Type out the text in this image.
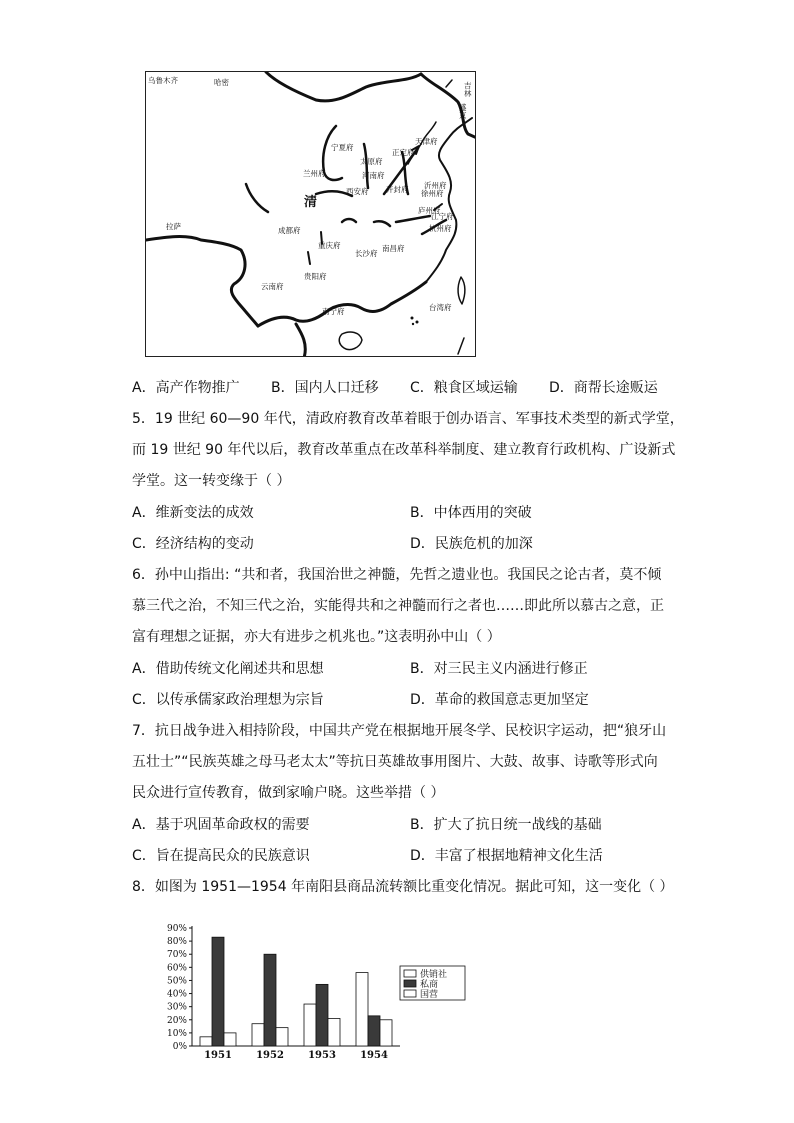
乌鲁木齐	哈密	吉林
盛京
宁夏府
太原府
正定府
天津府
兰州府	河南府
西安府 开封府 沂州府
徐州府
清
庐州府
江宁府
杭州府
拉萨	成都府
重庆府
长沙府
南昌府
贵阳府
云南府
南宁府	台湾府
A．高产作物推广 B．国内人口迁移 C．粮食区域运输 D．商帮长途贩运
5．19 世纪 60—90 年代，清政府教育改革着眼于创办语言、军事技术类型的新式学堂，
而 19 世纪 90 年代以后，教育改革重点在改革科举制度、建立教育行政机构、广设新式
学堂。这一转变缘于（ ）
A．维新变法的成效	B．中体西用的突破
C．经济结构的变动	D．民族危机的加深
6．孙中山指出: “共和者，我国治世之神髓，先哲之遗业也。我国民之论古者，莫不倾
慕三代之治，不知三代之治，实能得共和之神髓而行之者也……即此所以慕古之意，正
富有理想之证据，亦大有进步之机兆也。”这表明孙中山（ ）
A．借助传统文化阐述共和思想	B．对三民主义内涵进行修正
C．以传承儒家政治理想为宗旨	D．革命的救国意志更加坚定
7．抗日战争进入相持阶段，中国共产党在根据地开展冬学、民校识字运动，把“狼牙山
五壮士”“民族英雄之母马老太太”等抗日英雄故事用图片、大鼓、故事、诗歌等形式向
民众进行宣传教育，做到家喻户晓。这些举措（ ）
A．基于巩固革命政权的需要	B．扩大了抗日统一战线的基础
C．旨在提高民众的民族意识	D．丰富了根据地精神文化生活
8．如图为 1951—1954 年南阳县商品流转额比重变化情况。据此可知，这一变化（ ）
0%
10%
20%
30%
40%
50%
60%
70%
80%
90%
1951 1952 1953 1954
供销社
私商
国营
